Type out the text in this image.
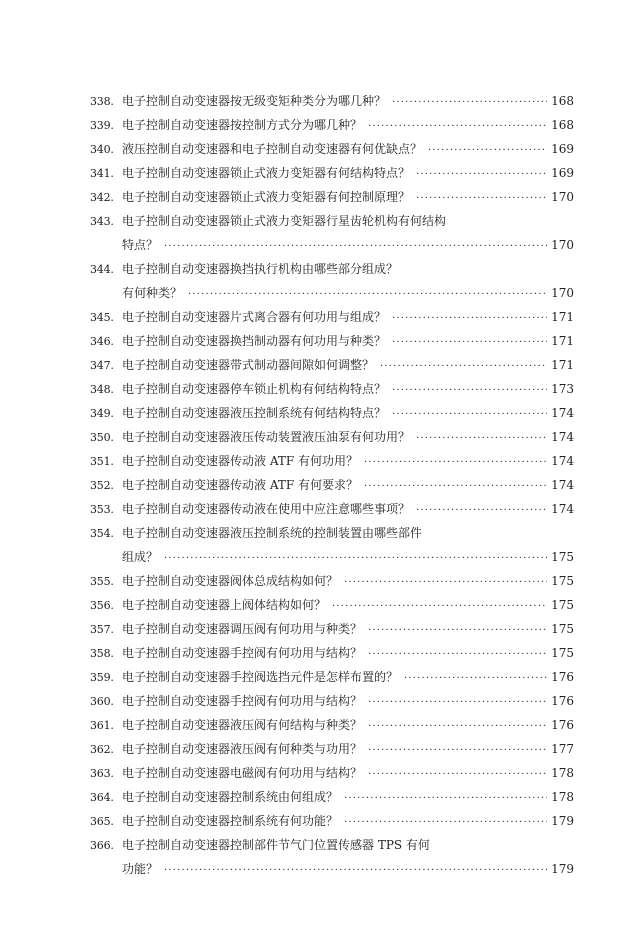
338. 电子控制自动变速器按无级变矩种类分为哪几种？ ·····	168
339. 电子控制自动变速器按控制方式分为哪几种？ ·····	168
340. 液压控制自动变速器和电子控制自动变速器有何优缺点？ ·····	169
341. 电子控制自动变速器锁止式液力变矩器有何结构特点？ ·····	169
342. 电子控制自动变速器锁止式液力变矩器有何控制原理？ ·····	170
343. 电子控制自动变速器锁止式液力变矩器行星齿轮机构有何结构
特点？ ·····	170
344. 电子控制自动变速器换挡执行机构由哪些部分组成？
有何种类？ ·····	170
345. 电子控制自动变速器片式离合器有何功用与组成？ ·····	171
346. 电子控制自动变速器换挡制动器有何功用与种类？ ·····	171
347. 电子控制自动变速器带式制动器间隙如何调整？ ·····	171
348. 电子控制自动变速器停车锁止机构有何结构特点？ ·····	173
349. 电子控制自动变速器液压控制系统有何结构特点？ ·····	174
350. 电子控制自动变速器液压传动装置液压油泵有何功用？ ·····	174
351. 电子控制自动变速器传动液 ATF 有何功用？ ·····	174
352. 电子控制自动变速器传动液 ATF 有何要求？ ·····	174
353. 电子控制自动变速器传动液在使用中应注意哪些事项？ ·····	174
354. 电子控制自动变速器液压控制系统的控制装置由哪些部件
组成？ ·····	175
355. 电子控制自动变速器阀体总成结构如何？ ·····	175
356. 电子控制自动变速器上阀体结构如何？ ·····	175
357. 电子控制自动变速器调压阀有何功用与种类？ ·····	175
358. 电子控制自动变速器手控阀有何功用与结构？ ·····	175
359. 电子控制自动变速器手控阀选挡元件是怎样布置的？ ·····	176
360. 电子控制自动变速器手控阀有何功用与结构？ ·····	176
361. 电子控制自动变速器液压阀有何结构与种类？ ·····	176
362. 电子控制自动变速器液压阀有何种类与功用？ ·····	177
363. 电子控制自动变速器电磁阀有何功用与结构？ ·····	178
364. 电子控制自动变速器控制系统由何组成？ ·····	178
365. 电子控制自动变速器控制系统有何功能？ ·····	179
366. 电子控制自动变速器控制部件节气门位置传感器 TPS 有何
功能？ ·····	179
